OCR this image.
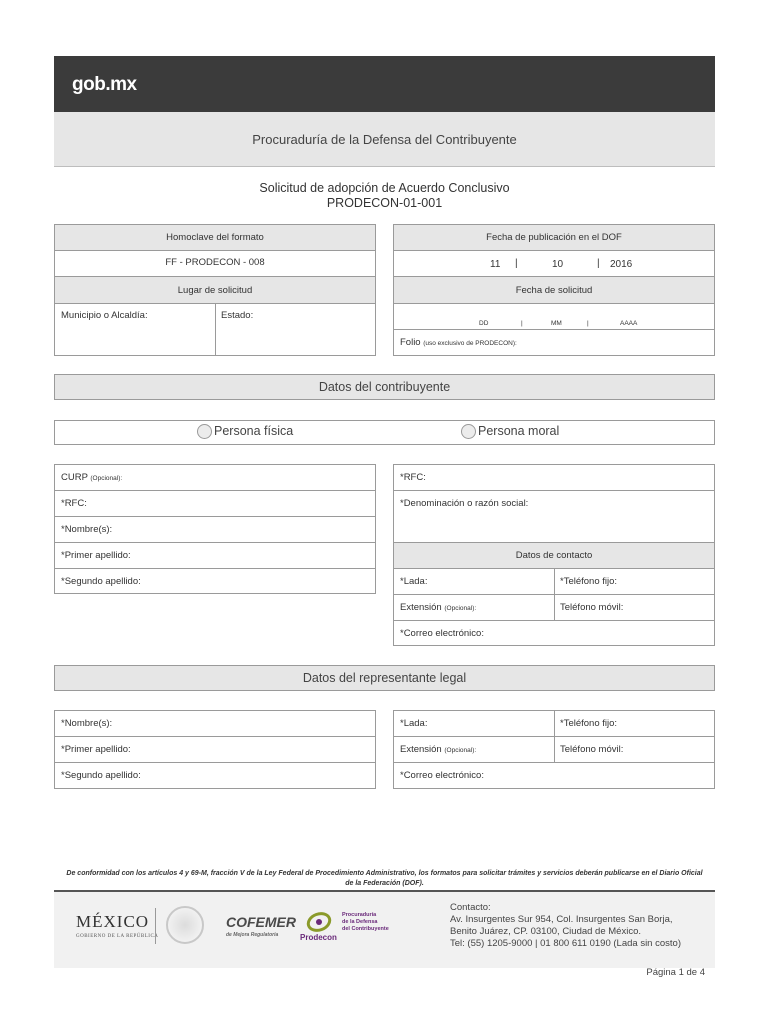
gob.mx
Procuraduría de la Defensa del Contribuyente
Solicitud de adopción de Acuerdo Conclusivo
PRODECON-01-001
Homoclave del formato
FF - PRODECON - 008
Lugar de solicitud
Municipio o Alcaldía:	Estado:
Fecha de publicación en el DOF
11 |	10	| 2016
Fecha de solicitud
DD	|	MM	|	AAAA
Folio (uso exclusivo de PRODECON):
Datos del contribuyente
Persona física	Persona moral
CURP (Opcional):
*RFC:
*Nombre(s):
*Primer apellido:
*Segundo apellido:
*RFC:
*Denominación o razón social:
Datos de contacto
*Lada:	*Teléfono fijo:
Extensión (Opcional):	Teléfono móvil:
*Correo electrónico:
Datos del representante legal
*Nombre(s):
*Primer apellido:
*Segundo apellido:
*Lada:	*Teléfono fijo:
Extensión (Opcional):	Teléfono móvil:
*Correo electrónico:
De conformidad con los artículos 4 y 69-M, fracción V de la Ley Federal de Procedimiento Administrativo, los formatos para solicitar trámites y servicios deberán publicarse en el Diario Oficial de la Federación (DOF).
MÉXICO
GOBIERNO DE LA REPÚBLICA
COFEMER
de Mejora Regulatoria	Prodecon
Procuraduría
de la Defensa
del Contribuyente
Contacto:
Av. Insurgentes Sur 954, Col. Insurgentes San Borja,
Benito Juárez, CP. 03100, Ciudad de México.
Tel: (55) 1205-9000 | 01 800 611 0190 (Lada sin costo)
Página 1 de 4
